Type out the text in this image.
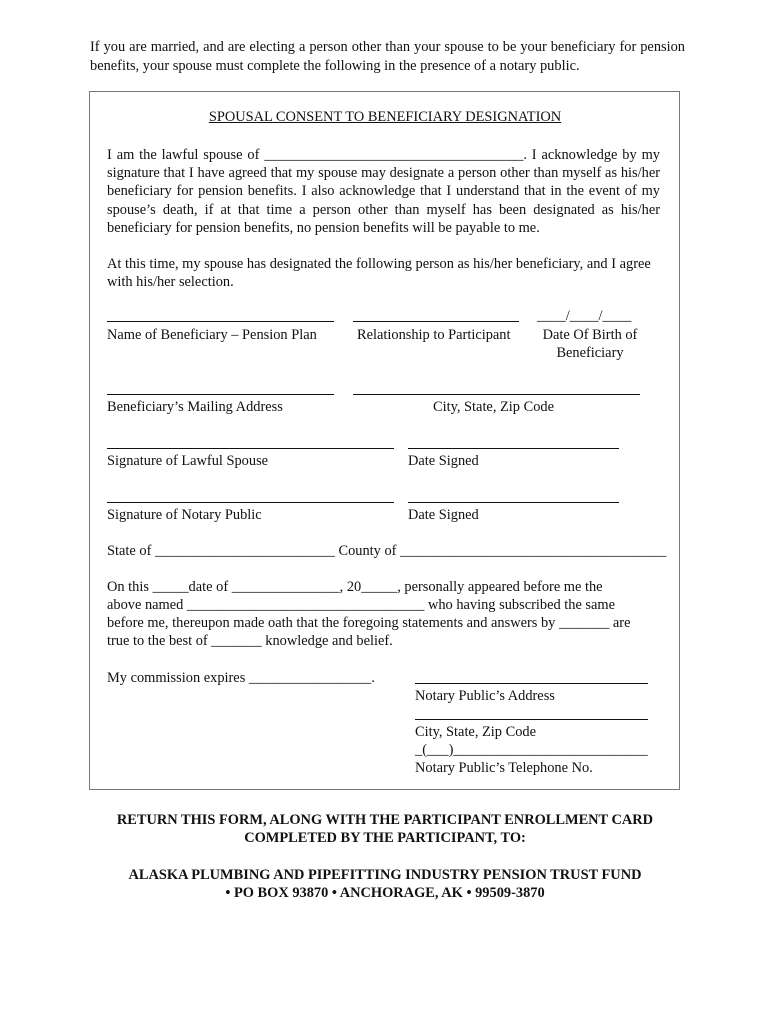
If you are married, and are electing a person other than your spouse to be your beneficiary for pension benefits, your spouse must complete the following in the presence of a notary public.
SPOUSAL CONSENT TO BENEFICIARY DESIGNATION
I am the lawful spouse of ____________________________________. I acknowledge by my signature that I have agreed that my spouse may designate a person other than myself as his/her beneficiary for pension benefits. I also acknowledge that I understand that in the event of my spouse’s death, if at that time a person other than myself has been designated as his/her beneficiary for pension benefits, no pension benefits will be payable to me.
At this time, my spouse has designated the following person as his/her beneficiary, and I agree with his/her selection.
____/____/____
Name of Beneficiary – Pension Plan	Relationship to Participant	Date Of Birth of
Beneficiary
Beneficiary’s Mailing Address	City, State, Zip Code
Signature of Lawful Spouse	Date Signed
Signature of Notary Public	Date Signed
State of _________________________ County of _____________________________________
On this _____date of _______________, 20_____, personally appeared before me the
above named _________________________________ who having subscribed the same
before me, thereupon made oath that the foregoing statements and answers by _______ are
true to the best of _______ knowledge and belief.
My commission expires _________________.
Notary Public’s Address
City, State, Zip Code
_(___)___________________________
Notary Public’s Telephone No.
RETURN THIS FORM, ALONG WITH THE PARTICIPANT ENROLLMENT CARD
COMPLETED BY THE PARTICIPANT, TO:
ALASKA PLUMBING AND PIPEFITTING INDUSTRY PENSION TRUST FUND
• PO BOX 93870 • ANCHORAGE, AK • 99509-3870
